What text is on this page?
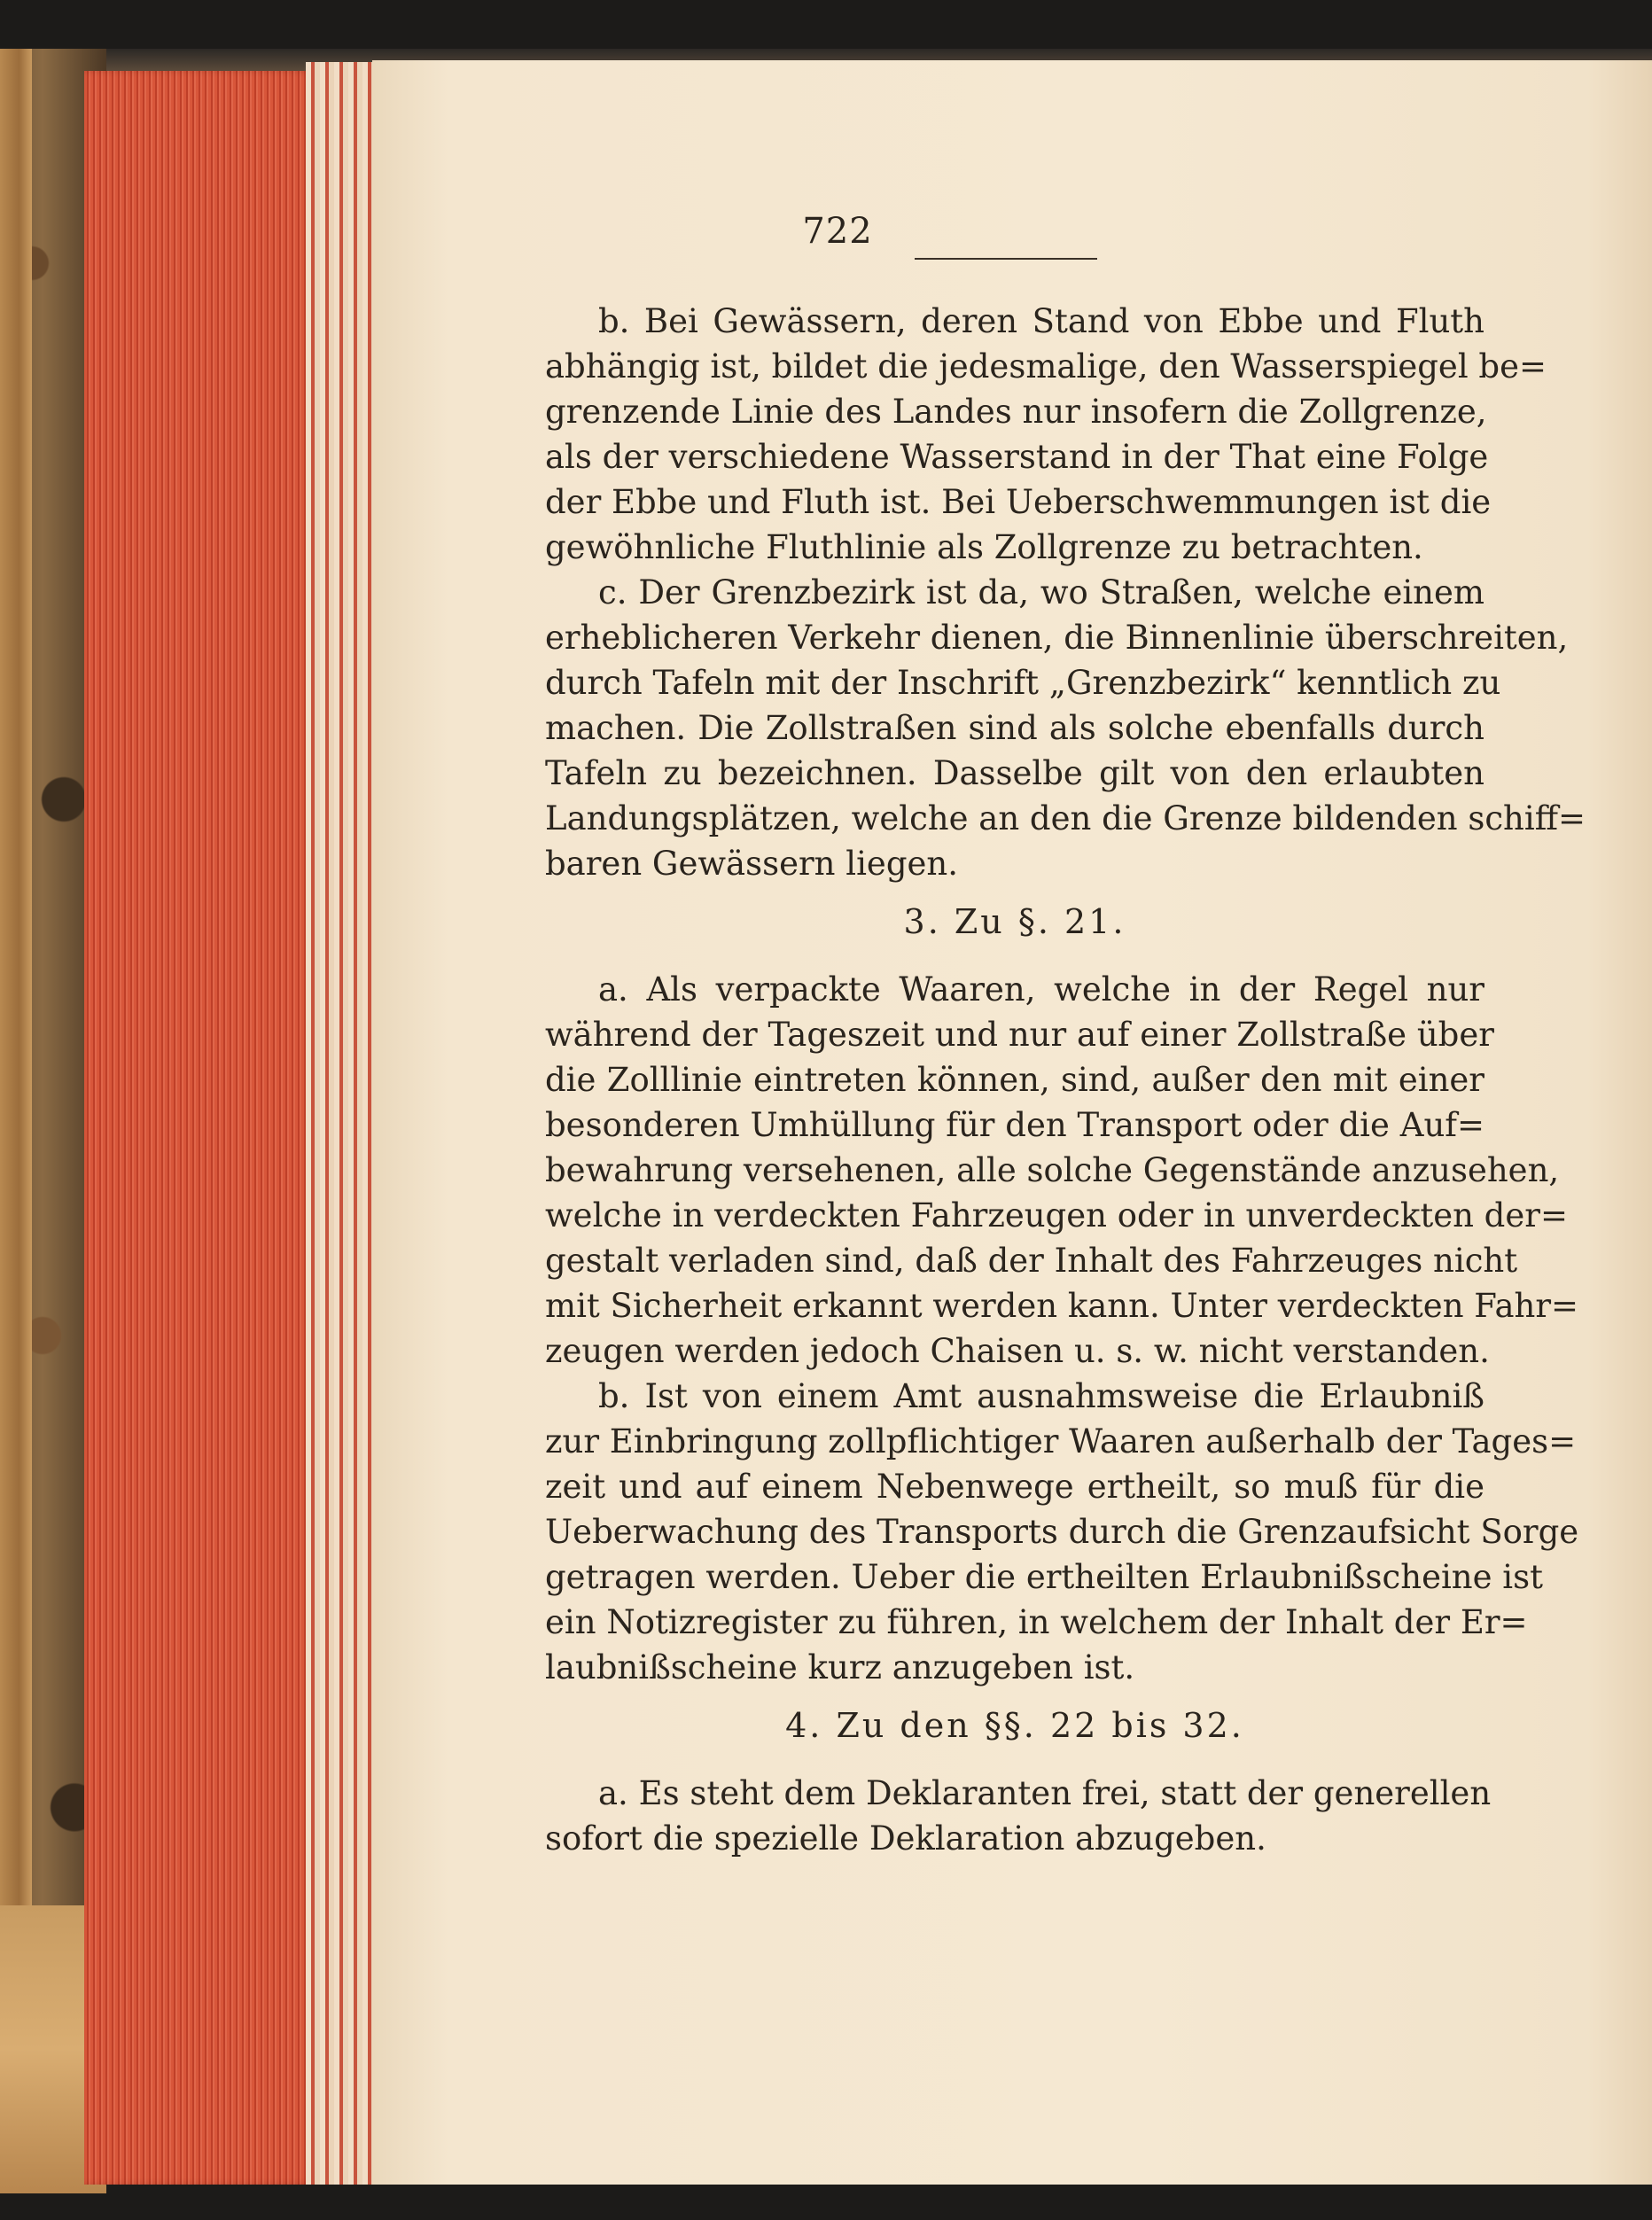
722
b. Bei Gewässern, deren Stand von Ebbe und Fluth
abhängig ist, bildet die jedesmalige, den Wasserspiegel be=
grenzende Linie des Landes nur insofern die Zollgrenze,
als der verschiedene Wasserstand in der That eine Folge
der Ebbe und Fluth ist. Bei Ueberschwemmungen ist die
gewöhnliche Fluthlinie als Zollgrenze zu betrachten.
c. Der Grenzbezirk ist da, wo Straßen, welche einem
erheblicheren Verkehr dienen, die Binnenlinie überschreiten,
durch Tafeln mit der Inschrift „Grenzbezirk“ kenntlich zu
machen. Die Zollstraßen sind als solche ebenfalls durch
Tafeln zu bezeichnen. Dasselbe gilt von den erlaubten
Landungsplätzen, welche an den die Grenze bildenden schiff=
baren Gewässern liegen.
3. Zu §. 21.
a. Als verpackte Waaren, welche in der Regel nur
während der Tageszeit und nur auf einer Zollstraße über
die Zolllinie eintreten können, sind, außer den mit einer
besonderen Umhüllung für den Transport oder die Auf=
bewahrung versehenen, alle solche Gegenstände anzusehen,
welche in verdeckten Fahrzeugen oder in unverdeckten der=
gestalt verladen sind, daß der Inhalt des Fahrzeuges nicht
mit Sicherheit erkannt werden kann. Unter verdeckten Fahr=
zeugen werden jedoch Chaisen u. s. w. nicht verstanden.
b. Ist von einem Amt ausnahmsweise die Erlaubniß
zur Einbringung zollpflichtiger Waaren außerhalb der Tages=
zeit und auf einem Nebenwege ertheilt, so muß für die
Ueberwachung des Transports durch die Grenzaufsicht Sorge
getragen werden. Ueber die ertheilten Erlaubnißscheine ist
ein Notizregister zu führen, in welchem der Inhalt der Er=
laubnißscheine kurz anzugeben ist.
4. Zu den §§. 22 bis 32.
a. Es steht dem Deklaranten frei, statt der generellen
sofort die spezielle Deklaration abzugeben.
